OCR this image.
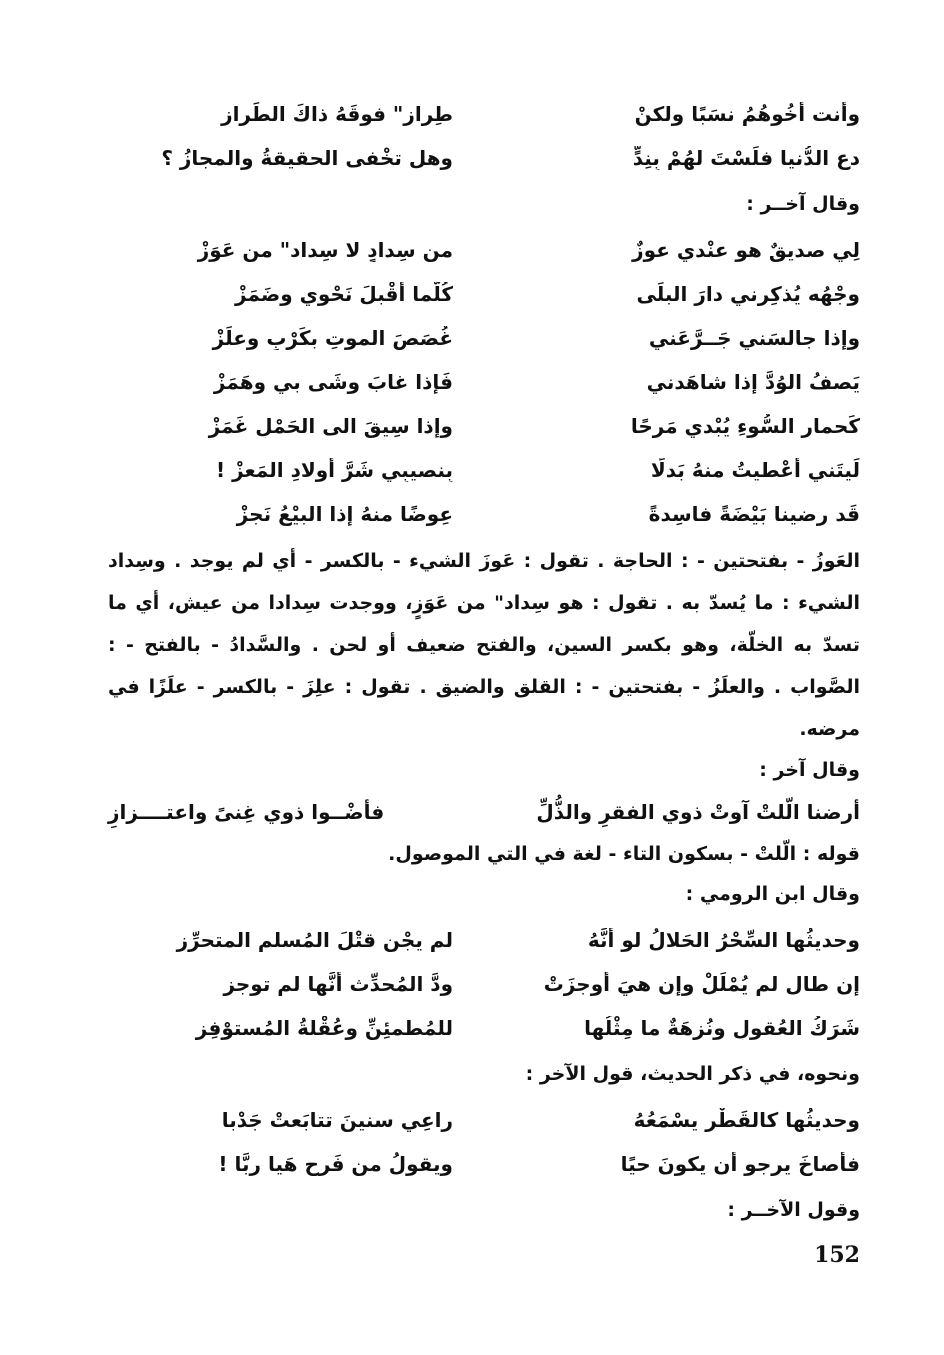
وأنت أخُوهُمُ نسَبًا ولكنْ
طِراز" فوقَهُ ذاكَ الطِّراز
دعِ الدُّنيا فلَسْتَ لهُمْ بِنِدٍّ
وهل تخْفى الحقيقةُ والمجازُ ؟
وقال آخــر :
لِي صديقٌ هو عنْدي عوزٌ
من سِدادٍ لا سِداد" من عَوَزْ
وجْهُه يُذكِرني دارَ البلَى
كُلَّما أقْبلَ نَحْوي وضَمَزْ
وإذا جالسَني جَــرَّعَني
غُصَصَ الموتِ بكَرْبٍ وعلَزْ
يَصفُ الوُدَّ إذا شاهَدني
فَإذا غابَ وشَى بي وهَمَزْ
كَحمارِ السُّوءِ يُبْدي مَرحًا
وإذا سِيقَ الى الحَمْلِ غَمَزْ
لَيتَني أعْطيتُ منهُ بَدلًا
بِنصيبِي شَرَّ أولادِ المَعزْ !
قَد رضينا بَيْضَةً فاسِدةً
عِوضًا منهُ إذا البيْعُ نَجزْ

العَوزُ - بفتحتين - : الحاجة . تقول : عَوزَ الشيء - بالكسر - أي لم يوجد . وسِداد الشيء : ما يُسدّ به . تقول : هو سِداد" من عَوَزٍ، ووجدت سِدادا من عيش، أي ما تسدّ به الخلّة، وهو بكسر السين، والفتح ضعيف أو لحن . والسَّدادُ - بالفتح - : الصَّواب . والعلَزُ - بفتحتين - : القلق والضيق . تقول : علِزَ - بالكسر - علَزًا في مرضه.

وقال آخر :
أرضنا الّلتْ آوتْ ذوي الفقرِ والذُّلِّ
فأضْــوا ذوي غِنىً واعتــــزازِ

قوله : الّلتْ - بسكون التاء - لغة في التي الموصول.

وقال ابن الرومي :
وحديثُها السِّحْرُ الحَلالُ لو أنَّهُ
لم يجْنِ قتْلَ المُسلمِ المتحرِّزِ
إن طال لم يُمْلَلْ وإن هيَ أوجزَتْ
ودَّ المُحدِّث أنَّها لم توجزِ
شَرَكُ العُقولِ ونُزهَةٌ ما مِثْلُها
للمُطمئِنِّ وعُقْلةُ المُستوْفِزِ
ونحوه، في ذكر الحديث، قول الآخر :
وحديثُها كالقَطْرِ يسْمَعُهُ
راعِي سنينَ تتابَعتْ جَدْبا
فأصاخَ يرجو أن يكونَ حيًا
ويقولُ من فَرحٍ هَيا ربَّا !
وقول الآخــر :
152
